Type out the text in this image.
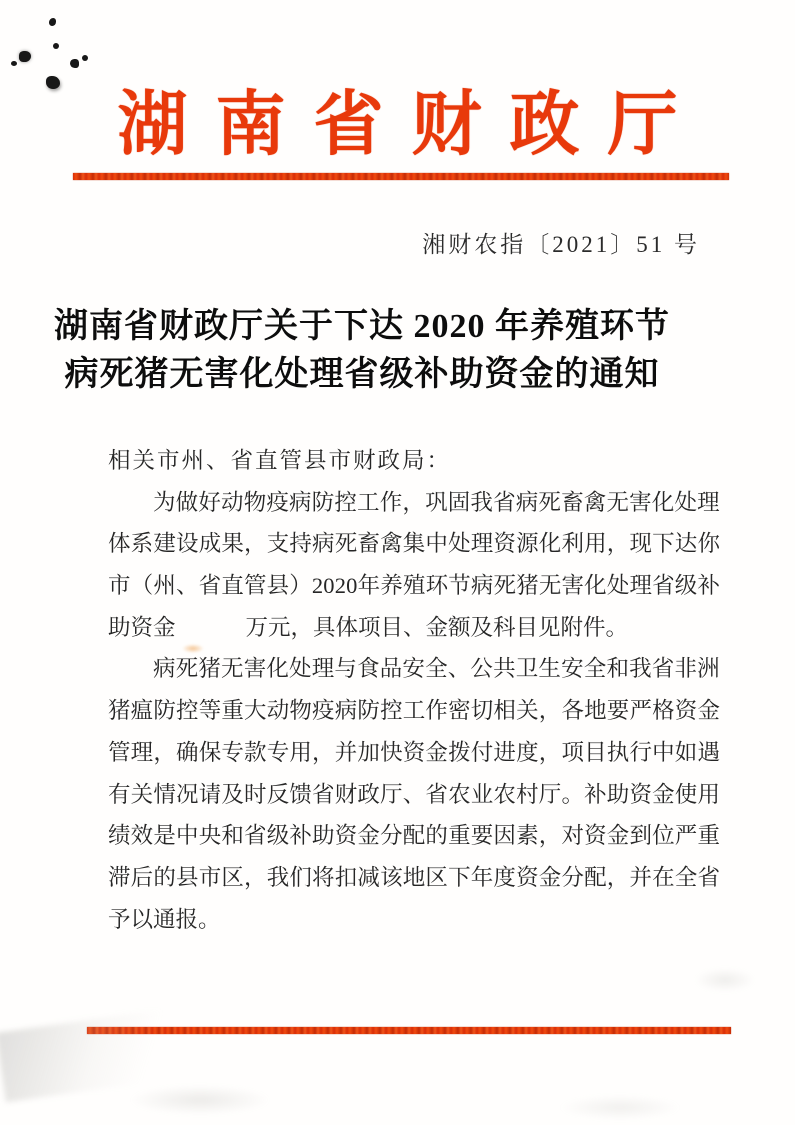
湖南省财政厅
湘财农指〔2021〕51 号
湖南省财政厅关于下达 2020 年养殖环节
病死猪无害化处理省级补助资金的通知
相关市州、省直管县市财政局：
为 做 好 动 物 疫 病 防 控 工 作 ， 巩 固 我 省 病 死 畜 禽 无 害 化 处 理
体 系 建 设 成 果 ， 支 持 病 死 畜 禽 集 中 处 理 资 源 化 利 用 ， 现 下 达 你
市 （ 州 、 省 直 管 县 ） 2 0 2 0 年 养 殖 环 节 病 死 猪 无 害 化 处 理 省 级 补
助资金	万元，具体项目、金额及科目见附件。
病 死 猪 无 害 化 处 理 与 食 品 安 全 、 公 共 卫 生 安 全 和 我 省 非 洲
猪 瘟 防 控 等 重 大 动 物 疫 病 防 控 工 作 密 切 相 关 ， 各 地 要 严 格 资 金
管 理 ， 确 保 专 款 专 用 ， 并 加 快 资 金 拨 付 进 度 ， 项 目 执 行 中 如 遇
有 关 情 况 请 及 时 反 馈 省 财 政 厅 、 省 农 业 农 村 厅 。 补 助 资 金 使 用
绩 效 是 中 央 和 省 级 补 助 资 金 分 配 的 重 要 因 素 ， 对 资 金 到 位 严 重
滞 后 的 县 市 区 ， 我 们 将 扣 减 该 地 区 下 年 度 资 金 分 配 ， 并 在 全 省
予以通报。
